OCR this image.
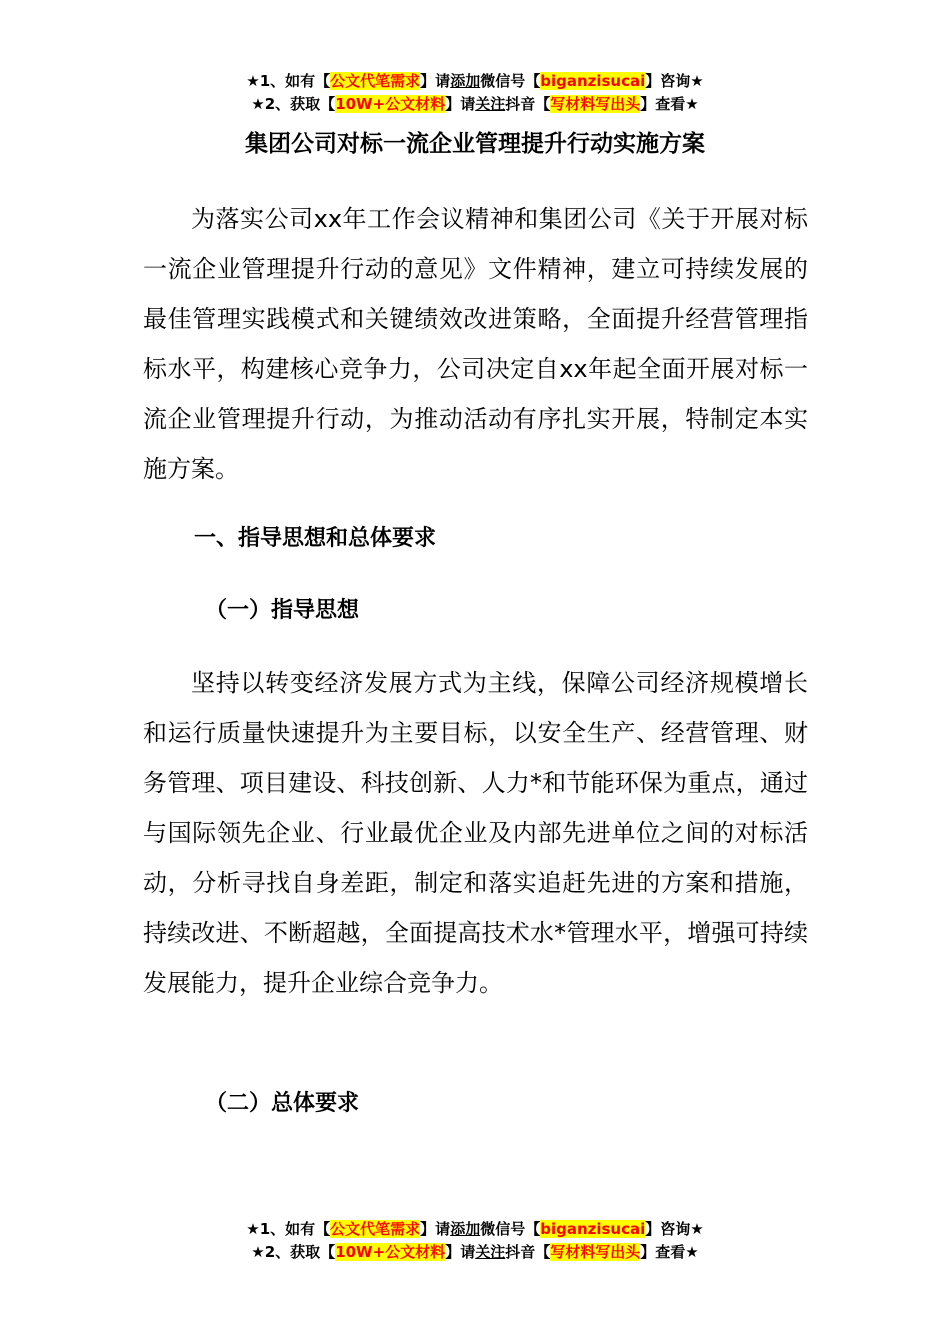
★1、如有【公文代笔需求】请添加微信号【biganzisucai】咨询★
★2、获取【10W+公文材料】请关注抖音【写材料写出头】查看★
集团公司对标一流企业管理提升行动实施方案

为落实公司xx年工作会议精神和集团公司《关于开展对标一流企业管理提升行动的意见》文件精神，建立可持续发展的最佳管理实践模式和关键绩效改进策略，全面提升经营管理指标水平，构建核心竞争力，公司决定自xx年起全面开展对标一流企业管理提升行动，为推动活动有序扎实开展，特制定本实施方案。

一、指导思想和总体要求
（一）指导思想

坚持以转变经济发展方式为主线，保障公司经济规模增长和运行质量快速提升为主要目标，以安全生产、经营管理、财务管理、项目建设、科技创新、人力*和节能环保为重点，通过与国际领先企业、行业最优企业及内部先进单位之间的对标活动，分析寻找自身差距，制定和落实追赶先进的方案和措施，持续改进、不断超越，全面提高技术水*管理水平，增强可持续发展能力，提升企业综合竞争力。

（二）总体要求
★1、如有【公文代笔需求】请添加微信号【biganzisucai】咨询★
★2、获取【10W+公文材料】请关注抖音【写材料写出头】查看★
